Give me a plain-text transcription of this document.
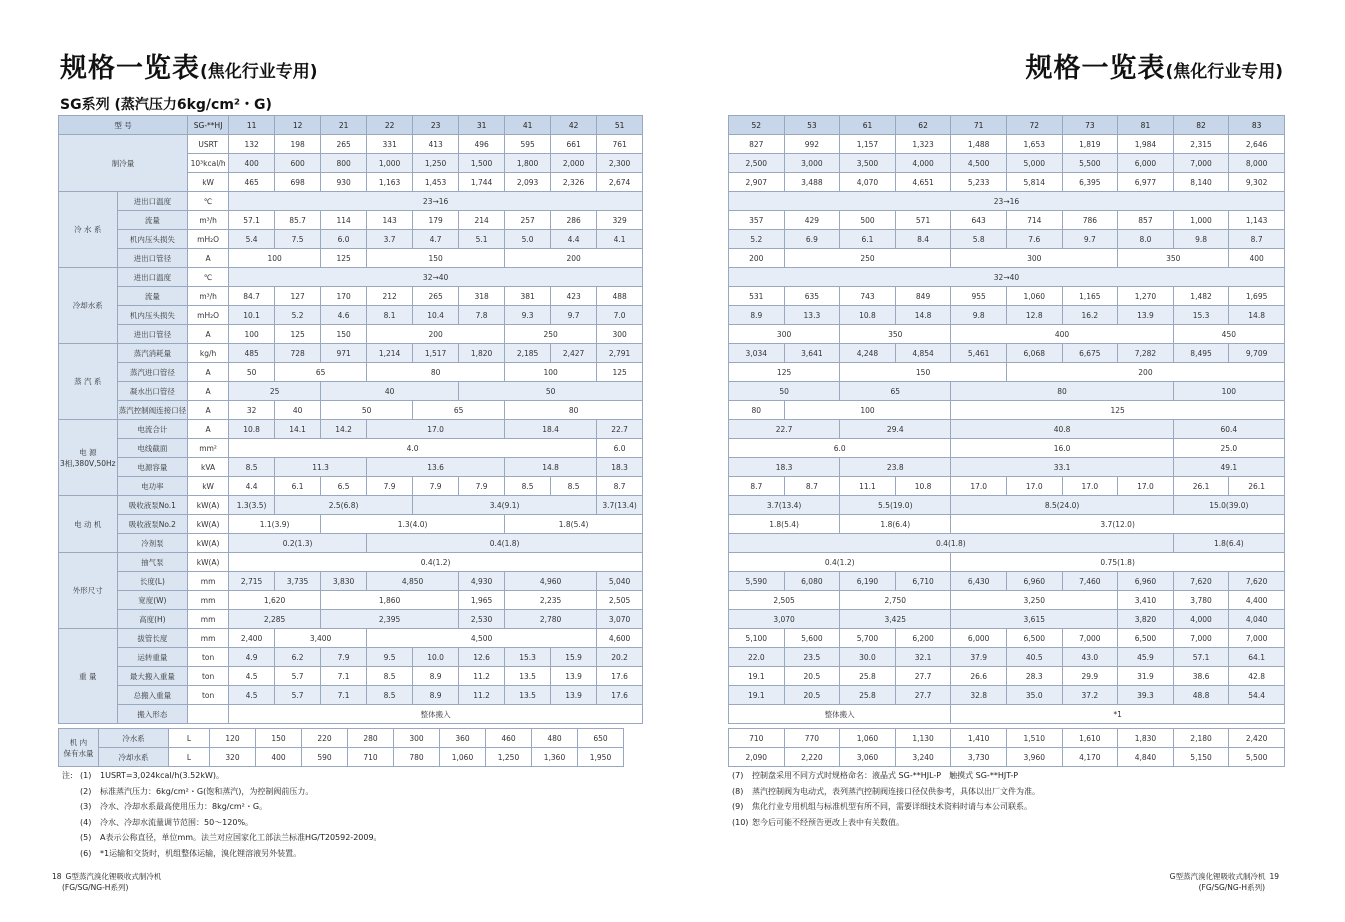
规格一览表(焦化行业专用)	规格一览表(焦化行业专用)
SG系列 (蒸汽压力6kg/cm²・G)
型 号		SG-**HJ	11	12	21	22	23	31	41	42	51
制冷量		USRT	132	198	265	331	413	496	595	661	761
		10³kcal/h	400	600	800	1,000	1,250	1,500	1,800	2,000	2,300
		kW	465	698	930	1,163	1,453	1,744	2,093	2,326	2,674
冷 水 系	进出口温度	℃	23→16								
	流量	m³/h	57.1	85.7	114	143	179	214	257	286	329
	机内压头损失	mH₂O	5.4	7.5	6.0	3.7	4.7	5.1	5.0	4.4	4.1
	进出口管径	A	100		125	150			200		
冷却水系	进出口温度	℃	32→40								
	流量	m³/h	84.7	127	170	212	265	318	381	423	488
	机内压头损失	mH₂O	10.1	5.2	4.6	8.1	10.4	7.8	9.3	9.7	7.0
	进出口管径	A	100	125	150	200			250		300
蒸 汽 系	蒸汽消耗量	kg/h	485	728	971	1,214	1,517	1,820	2,185	2,427	2,791
	蒸汽进口管径	A	50	65		80			100		125
	凝水出口管径	A	25		40			50			
	蒸汽控制阀连接口径	A	32	40	50		65		80		
电 源
3相,380V,50Hz	电流合计	A	10.8	14.1	14.2	17.0			18.4		22.7
	电线截面	mm²	4.0								6.0
	电源容量	kVA	8.5	11.3		13.6			14.8		18.3
	电功率	kW	4.4	6.1	6.5	7.9	7.9	7.9	8.5	8.5	8.7
电 动 机	吸收液泵No.1	kW(A)	1.3(3.5)	2.5(6.8)			3.4(9.1)				3.7(13.4)
	吸收液泵No.2	kW(A)	1.1(3.9)		1.3(4.0)				1.8(5.4)		
	冷剂泵	kW(A)	0.2(1.3)			0.4(1.8)					
外形尺寸	抽气泵	kW(A)	0.4(1.2)								
	长度(L)	mm	2,715	3,735	3,830	4,850		4,930	4,960		5,040
	宽度(W)	mm	1,620		1,860			1,965	2,235		2,505
	高度(H)	mm	2,285		2,395			2,530	2,780		3,070
重 量	拔管长度	mm	2,400	3,400		4,500					4,600
	运转重量	ton	4.9	6.2	7.9	9.5	10.0	12.6	15.3	15.9	20.2
	最大搬入重量	ton	4.5	5.7	7.1	8.5	8.9	11.2	13.5	13.9	17.6
	总搬入重量	ton	4.5	5.7	7.1	8.5	8.9	11.2	13.5	13.9	17.6
	搬入形态		整体搬入								
52	53	61	62	71	72	73	81	82	83
827	992	1,157	1,323	1,488	1,653	1,819	1,984	2,315	2,646
2,500	3,000	3,500	4,000	4,500	5,000	5,500	6,000	7,000	8,000
2,907	3,488	4,070	4,651	5,233	5,814	6,395	6,977	8,140	9,302
23→16									
357	429	500	571	643	714	786	857	1,000	1,143
5.2	6.9	6.1	8.4	5.8	7.6	9.7	8.0	9.8	8.7
200	250			300			350		400
32→40									
531	635	743	849	955	1,060	1,165	1,270	1,482	1,695
8.9	13.3	10.8	14.8	9.8	12.8	16.2	13.9	15.3	14.8
300		350		400				450	
3,034	3,641	4,248	4,854	5,461	6,068	6,675	7,282	8,495	9,709
125		150			200				
50		65		80				100	
80	100			125					
22.7		29.4		40.8				60.4	
6.0				16.0				25.0	
18.3		23.8		33.1				49.1	
8.7	8.7	11.1	10.8	17.0	17.0	17.0	17.0	26.1	26.1
3.7(13.4)		5.5(19.0)		8.5(24.0)				15.0(39.0)	
1.8(5.4)		1.8(6.4)		3.7(12.0)					
0.4(1.8)								1.8(6.4)	
0.4(1.2)				0.75(1.8)					
5,590	6,080	6,190	6,710	6,430	6,960	7,460	6,960	7,620	7,620
2,505		2,750		3,250			3,410	3,780	4,400
3,070		3,425		3,615			3,820	4,000	4,040
5,100	5,600	5,700	6,200	6,000	6,500	7,000	6,500	7,000	7,000
22.0	23.5	30.0	32.1	37.9	40.5	43.0	45.9	57.1	64.1
19.1	20.5	25.8	27.7	26.6	28.3	29.9	31.9	38.6	42.8
19.1	20.5	25.8	27.7	32.8	35.0	37.2	39.3	48.8	54.4
整体搬入				*1					
机 内
保有水量	冷水系	L	120	150	220	280	300	360	460	480	650
	冷却水系	L	320	400	590	710	780	1,060	1,250	1,360	1,950
710	770	1,060	1,130	1,410	1,510	1,610	1,830	2,180	2,420
2,090	2,220	3,060	3,240	3,730	3,960	4,170	4,840	5,150	5,500
注: (1) 1USRT=3,024kcal/h(3.52kW)。
(2) 标准蒸汽压力：6kg/cm²・G(饱和蒸汽)，为控制阀前压力。
(3) 冷水、冷却水系最高使用压力：8kg/cm²・G。
(4) 冷水、冷却水流量调节范围：50～120%。
(5) A表示公称直径，单位mm。法兰对应国家化工部法兰标准HG/T20592-2009。
(6) *1运输和交货时，机组整体运输，溴化锂溶液另外装置。
(7) 控制盘采用不同方式时规格命名：液晶式 SG-**HJL-P　触摸式 SG-**HJT-P
(8) 蒸汽控制阀为电动式，表列蒸汽控制阀连接口径仅供参考，具体以出厂文件为准。
(9) 焦化行业专用机组与标准机型有所不同，需要详细技术资料时请与本公司联系。
(10) 恕今后可能不经预告更改上表中有关数值。
18 G型蒸汽溴化锂吸收式制冷机
(FG/SG/NG-H系列)
G型蒸汽溴化锂吸收式制冷机 19
(FG/SG/NG-H系列)
